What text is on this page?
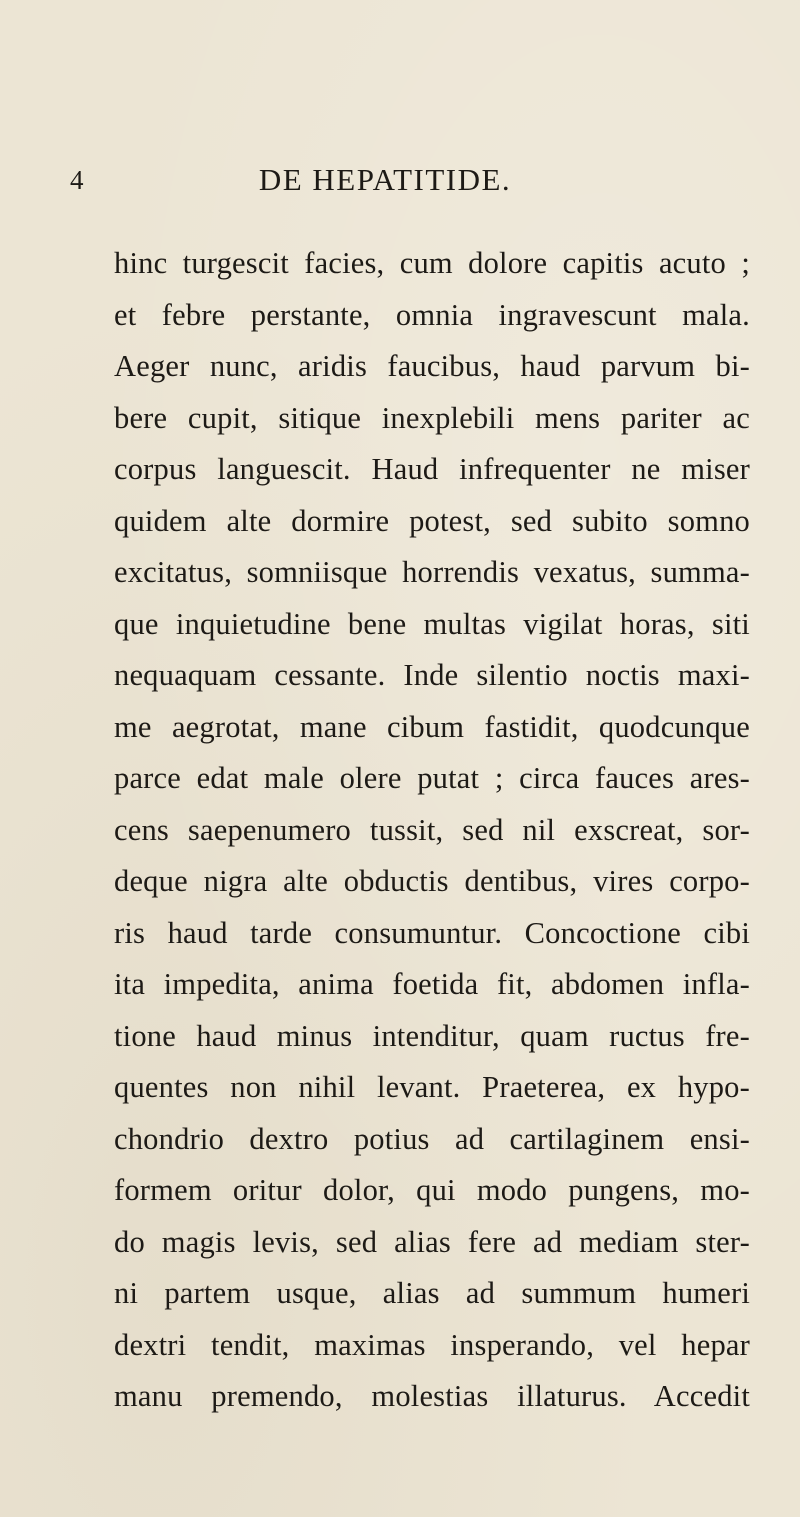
4	DE HEPATITIDE.
hinc turgescit facies, cum dolore capitis acuto ;
et febre perstante, omnia ingravescunt mala.
Aeger nunc, aridis faucibus, haud parvum bi-
bere cupit, sitique inexplebili mens pariter ac
corpus languescit. Haud infrequenter ne miser
quidem alte dormire potest, sed subito somno
excitatus, somniisque horrendis vexatus, summa-
que inquietudine bene multas vigilat horas, siti
nequaquam cessante. Inde silentio noctis maxi-
me aegrotat, mane cibum fastidit, quodcunque
parce edat male olere putat ; circa fauces ares-
cens saepenumero tussit, sed nil exscreat, sor-
deque nigra alte obductis dentibus, vires corpo-
ris haud tarde consumuntur. Concoctione cibi
ita impedita, anima foetida fit, abdomen infla-
tione haud minus intenditur, quam ructus fre-
quentes non nihil levant. Praeterea, ex hypo-
chondrio dextro potius ad cartilaginem ensi-
formem oritur dolor, qui modo pungens, mo-
do magis levis, sed alias fere ad mediam ster-
ni partem usque, alias ad summum humeri
dextri tendit, maximas insperando, vel hepar
manu premendo, molestias illaturus. Accedit
